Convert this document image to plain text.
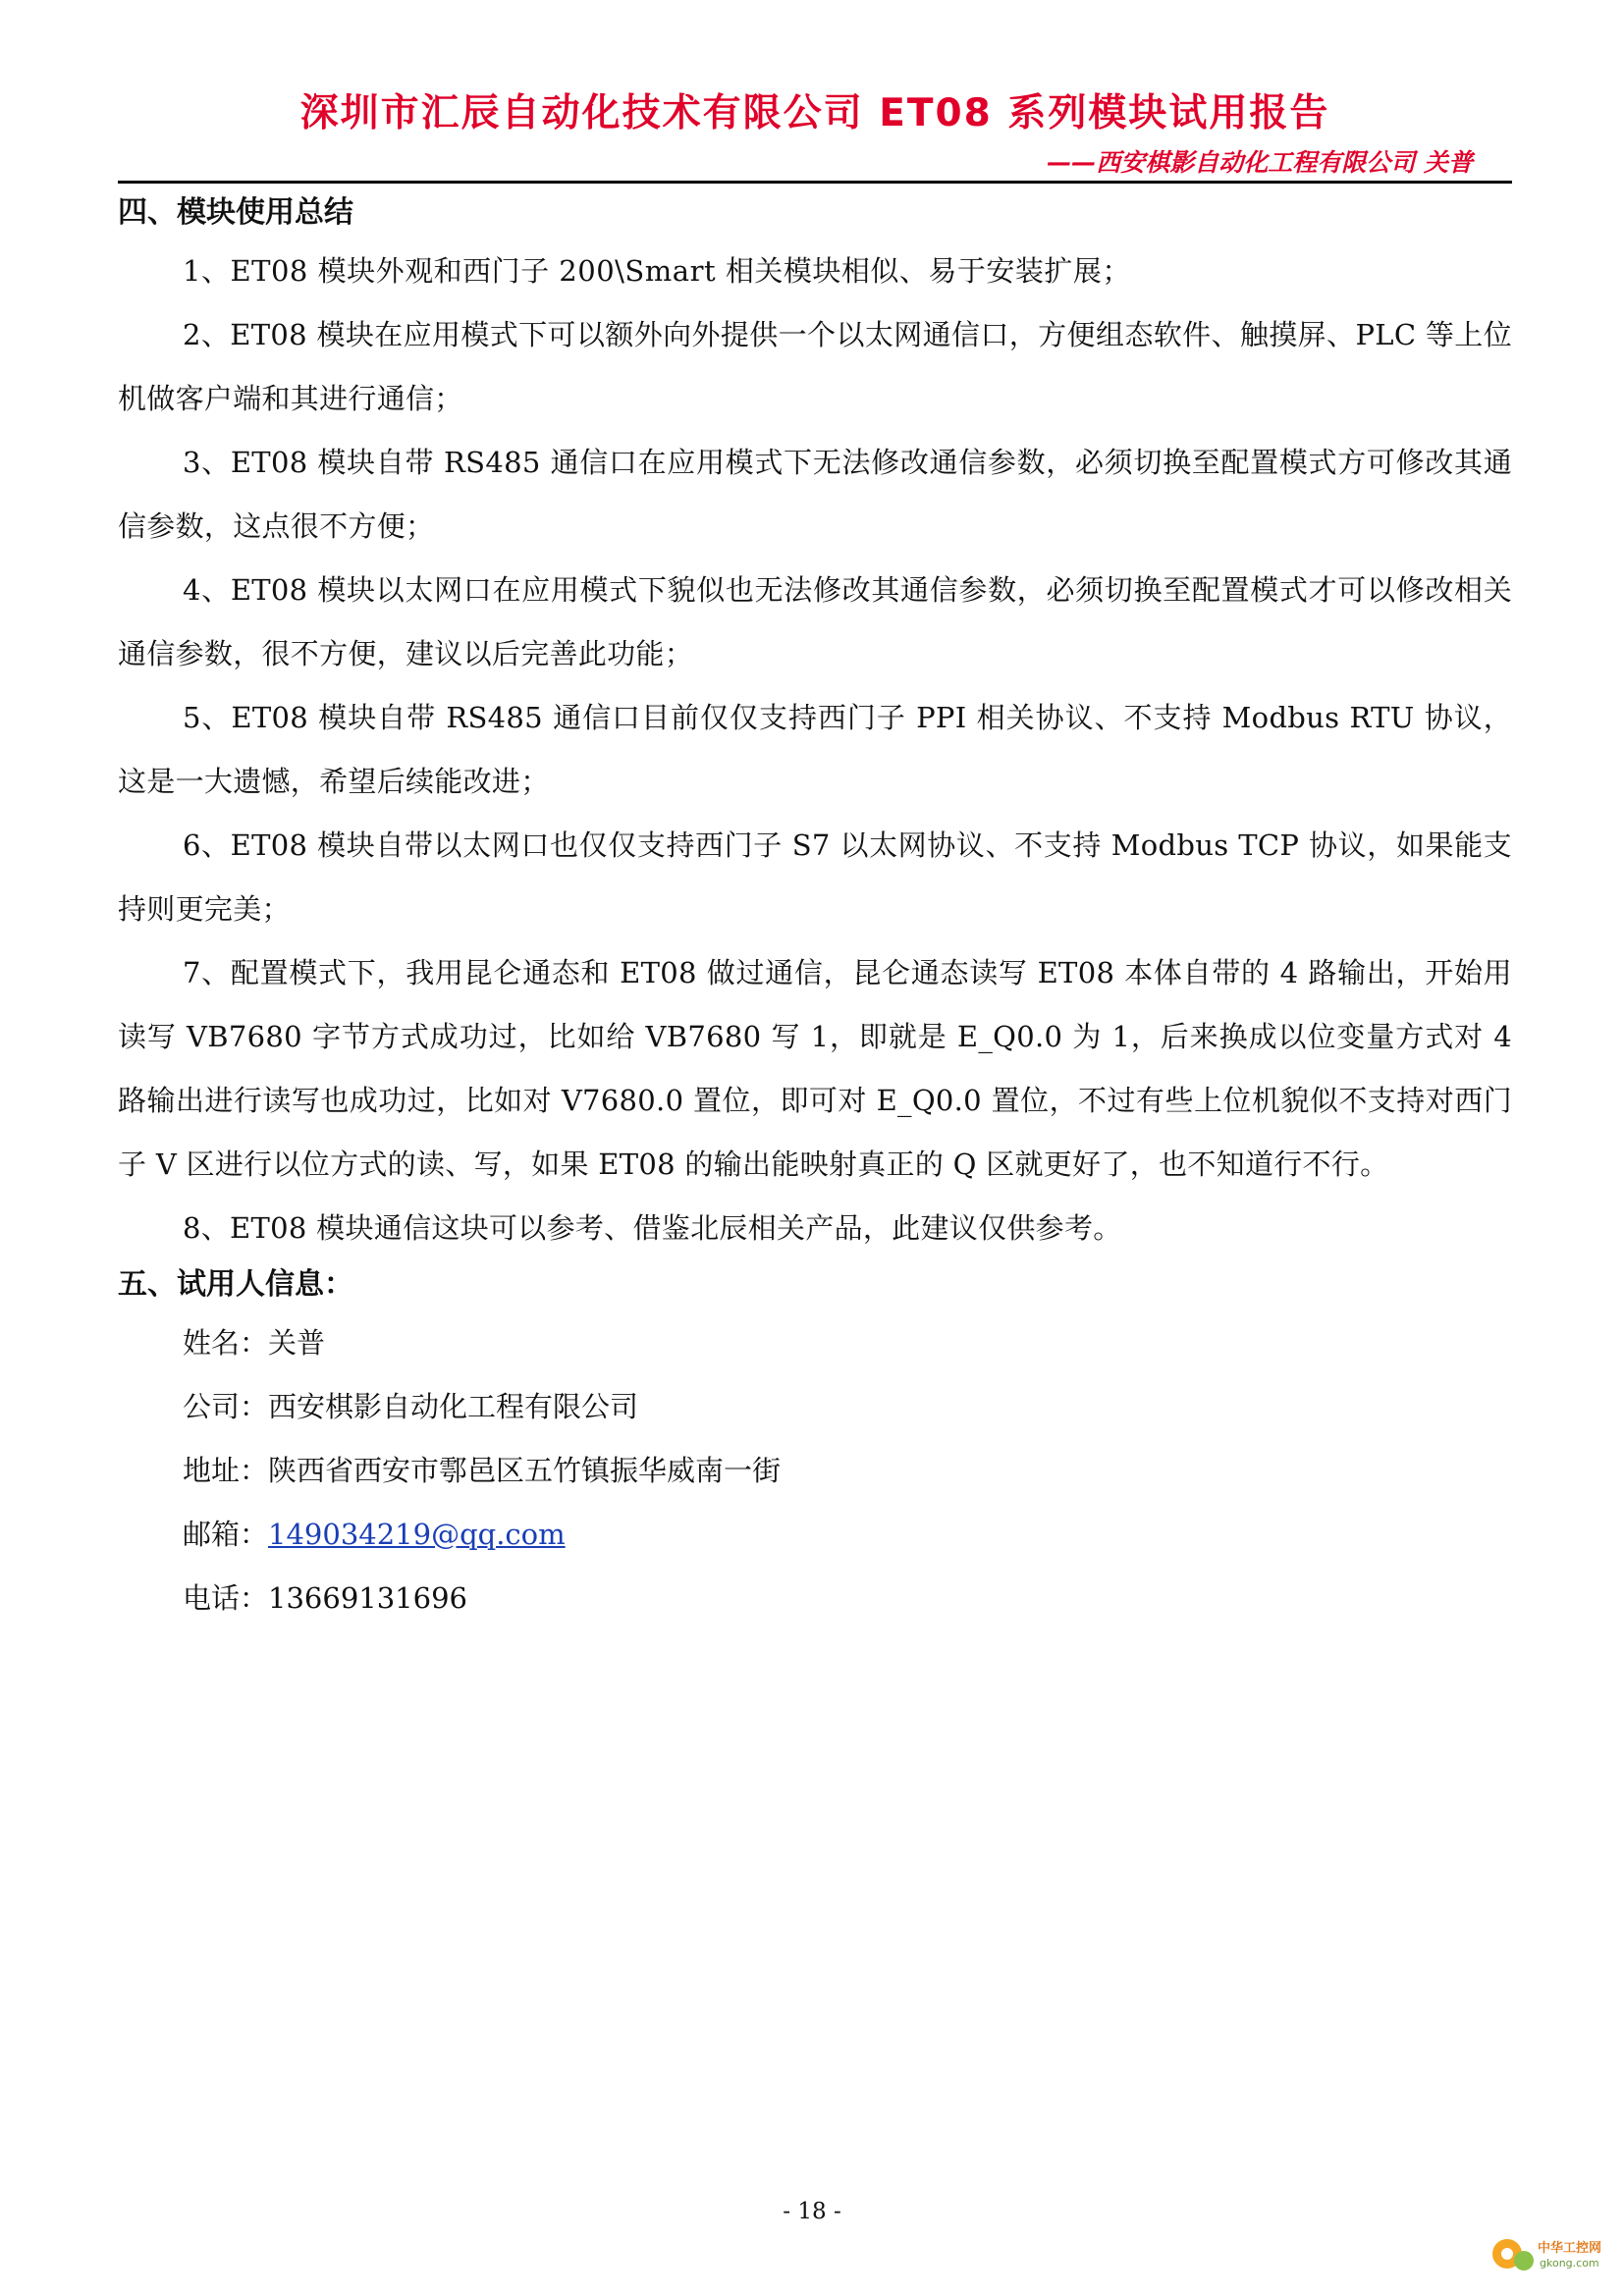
深圳市汇辰自动化技术有限公司 ET08 系列模块试用报告
——西安棋影自动化工程有限公司 关普
四、模块使用总结

1、ET08 模块外观和西门子 200\Smart 相关模块相似、易于安装扩展；

2、ET08 模块在应用模式下可以额外向外提供一个以太网通信口，方便组态软件、触摸屏、PLC 等上位机做客户端和其进行通信；

3、ET08 模块自带 RS485 通信口在应用模式下无法修改通信参数，必须切换至配置模式方可修改其通信参数，这点很不方便；

4、ET08 模块以太网口在应用模式下貌似也无法修改其通信参数，必须切换至配置模式才可以修改相关通信参数，很不方便，建议以后完善此功能；

5、ET08 模块自带 RS485 通信口目前仅仅支持西门子 PPI 相关协议、不支持 Modbus RTU 协议，这是一大遗憾，希望后续能改进；

6、ET08 模块自带以太网口也仅仅支持西门子 S7 以太网协议、不支持 Modbus TCP 协议，如果能支持则更完美；

7、配置模式下，我用昆仑通态和 ET08 做过通信，昆仑通态读写 ET08 本体自带的 4 路输出，开始用读写 VB7680 字节方式成功过，比如给 VB7680 写 1，即就是 E_Q0.0 为 1，后来换成以位变量方式对 4 路输出进行读写也成功过，比如对 V7680.0 置位，即可对 E_Q0.0 置位，不过有些上位机貌似不支持对西门子 V 区进行以位方式的读、写，如果 ET08 的输出能映射真正的 Q 区就更好了，也不知道行不行。

8、ET08 模块通信这块可以参考、借鉴北辰相关产品，此建议仅供参考。

五、试用人信息：

姓名：关普

公司：西安棋影自动化工程有限公司

地址：陕西省西安市鄠邑区五竹镇振华威南一街

邮箱：149034219@qq.com

电话：13669131696

- 18 -
中华工控网
gkong.com
